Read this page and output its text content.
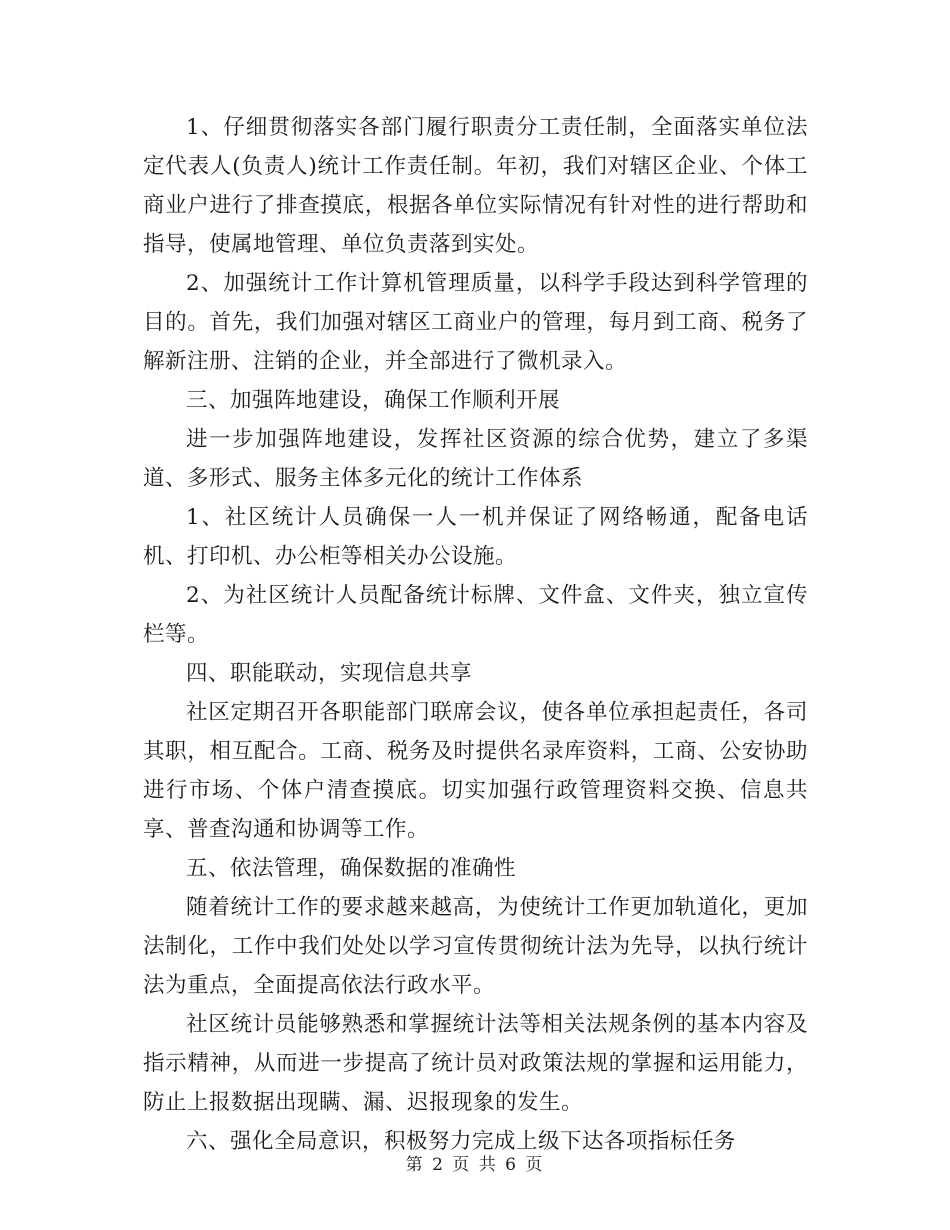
1、仔细贯彻落实各部门履行职责分工责任制，全面落实单位法定代表人(负责人)统计工作责任制。年初，我们对辖区企业、个体工商业户进行了排查摸底，根据各单位实际情况有针对性的进行帮助和指导，使属地管理、单位负责落到实处。

2、加强统计工作计算机管理质量，以科学手段达到科学管理的目的。首先，我们加强对辖区工商业户的管理，每月到工商、税务了解新注册、注销的企业，并全部进行了微机录入。

三、加强阵地建设，确保工作顺利开展

进一步加强阵地建设，发挥社区资源的综合优势，建立了多渠道、多形式、服务主体多元化的统计工作体系

1、社区统计人员确保一人一机并保证了网络畅通，配备电话机、打印机、办公柜等相关办公设施。

2、为社区统计人员配备统计标牌、文件盒、文件夹，独立宣传栏等。

四、职能联动，实现信息共享

社区定期召开各职能部门联席会议，使各单位承担起责任，各司其职，相互配合。工商、税务及时提供名录库资料，工商、公安协助进行市场、个体户清查摸底。切实加强行政管理资料交换、信息共享、普查沟通和协调等工作。

五、依法管理，确保数据的准确性

随着统计工作的要求越来越高，为使统计工作更加轨道化，更加法制化，工作中我们处处以学习宣传贯彻统计法为先导，以执行统计法为重点，全面提高依法行政水平。

社区统计员能够熟悉和掌握统计法等相关法规条例的基本内容及指示精神，从而进一步提高了统计员对政策法规的掌握和运用能力，防止上报数据出现瞒、漏、迟报现象的发生。

六、强化全局意识，积极努力完成上级下达各项指标任务

第 2 页 共 6 页
